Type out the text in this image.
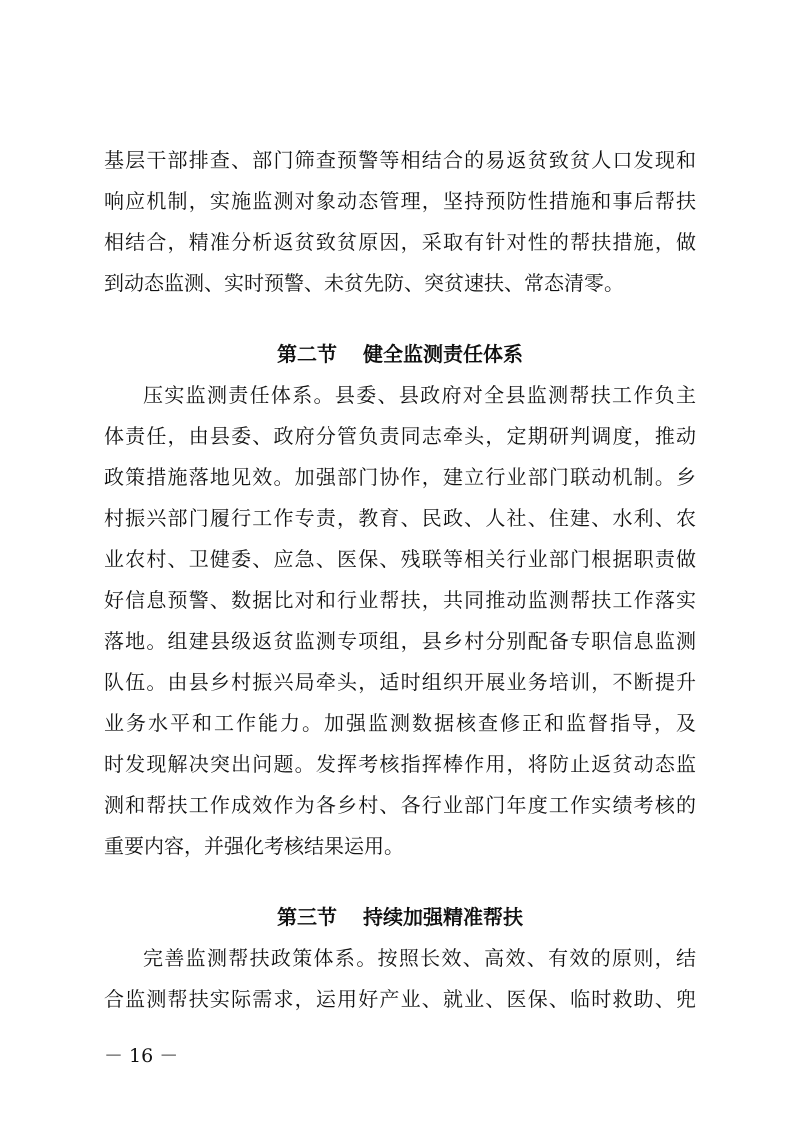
基层干部排查、部门筛查预警等相结合的易返贫致贫人口发现和
响应机制，实施监测对象动态管理，坚持预防性措施和事后帮扶
相结合，精准分析返贫致贫原因，采取有针对性的帮扶措施，做
到动态监测、实时预警、未贫先防、突贫速扶、常态清零。
第二节 健全监测责任体系
压实监测责任体系。县委、县政府对全县监测帮扶工作负主
体责任，由县委、政府分管负责同志牵头，定期研判调度，推动
政策措施落地见效。加强部门协作，建立行业部门联动机制。乡
村振兴部门履行工作专责，教育、民政、人社、住建、水利、农
业农村、卫健委、应急、医保、残联等相关行业部门根据职责做
好信息预警、数据比对和行业帮扶，共同推动监测帮扶工作落实
落地。组建县级返贫监测专项组，县乡村分别配备专职信息监测
队伍。由县乡村振兴局牵头，适时组织开展业务培训，不断提升
业务水平和工作能力。加强监测数据核查修正和监督指导，及
时发现解决突出问题。发挥考核指挥棒作用，将防止返贫动态监
测和帮扶工作成效作为各乡村、各行业部门年度工作实绩考核的
重要内容，并强化考核结果运用。
第三节 持续加强精准帮扶
完善监测帮扶政策体系。按照长效、高效、有效的原则，结
合监测帮扶实际需求，运用好产业、就业、医保、临时救助、兜
－ 16 －
